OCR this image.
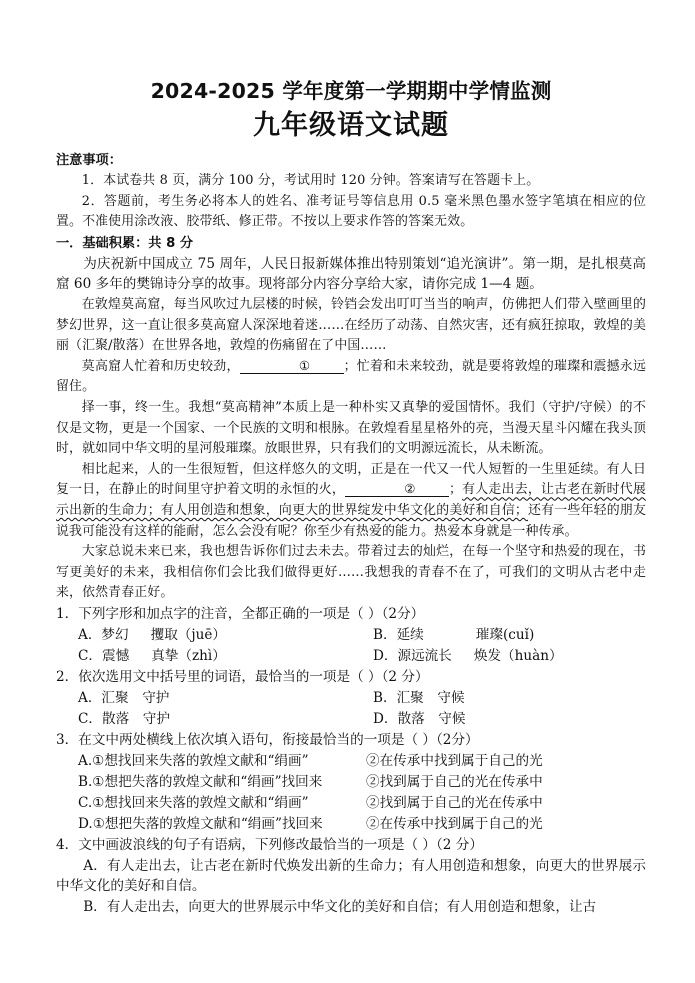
2024-2025 学年度第一学期期中学情监测
九年级语文试题
注意事项：

1．本试卷共 8 页，满分 100 分，考试用时 120 分钟。答案请写在答题卡上。

2．答题前，考生务必将本人的姓名、准考证号等信息用 0.5 毫米黑色墨水签字笔填在相应的位置。不准使用涂改液、胶带纸、修正带。不按以上要求作答的答案无效。

一．基础积累：共 8 分

为庆祝新中国成立 75 周年，人民日报新媒体推出特别策划“追光演讲”。第一期，是扎根莫高窟 60 多年的樊锦诗分享的故事。现将部分内容分享给大家，请你完成 1—4 题。

在敦煌莫高窟，每当风吹过九层楼的时候，铃铛会发出叮叮当当的响声，仿佛把人们带入壁画里的梦幻世界，这一直让很多莫高窟人深深地着迷……在经历了动荡、自然灾害，还有疯狂掠取，敦煌的美丽（汇聚/散落）在世界各地，敦煌的伤痛留在了中国……

莫高窟人忙着和历史较劲，	①	；忙着和未来较劲，就是要将敦煌的璀璨和震撼永远留住。

择一事，终一生。我想“莫高精神”本质上是一种朴实又真挚的爱国情怀。我们（守护/守候）的不仅是文物，更是一个国家、一个民族的文明和根脉。在敦煌看星星格外的亮，当漫天星斗闪耀在我头顶时，就如同中华文明的星河般璀璨。放眼世界，只有我们的文明源远流长，从未断流。

相比起来，人的一生很短暂，但这样悠久的文明，正是在一代又一代人短暂的一生里延续。有人日复一日，在静止的时间里守护着文明的永恒的火，	②	；有人走出去，让古老在新时代展示出新的生命力；有人用创造和想象，向更大的世界绽发中华文化的美好和自信；还有一些年轻的朋友说我可能没有这样的能耐，怎么会没有呢？你至少有热爱的能力。热爱本身就是一种传承。

大家总说未来已来，我也想告诉你们过去未去。带着过去的灿烂，在每一个坚守和热爱的现在，书写更美好的未来，我相信你们会比我们做得更好……我想我的青春不在了，可我们的文明从古老中走来，依然青春正好。

1．下列字形和加点字的注音，全都正确的一项是（ ）（2分）

A．梦幻 攫取（juē）	B．延续	璀璨(cuǐ)
C．震憾 真挚（zhì）	D．源远流长 焕发（huàn）

2．依次选用文中括号里的词语，最恰当的一项是（ ）（2 分）

A．汇聚　守护	B．汇聚　守候
C．散落　守护	D．散落　守候

3．在文中两处横线上依次填入语句，衔接最恰当的一项是（ ）（2分）

A.①想找回来失落的敦煌文献和“绢画”	②在传承中找到属于自己的光
B.①想把失落的敦煌文献和“绢画”找回来	②找到属于自己的光在传承中
C.①想找回来失落的敦煌文献和“绢画”	②找到属于自己的光在传承中
D.①想把失落的敦煌文献和“绢画”找回来	②在传承中找到属于自己的光

4．文中画波浪线的句子有语病，下列修改最恰当的一项是（ ）（2 分）

A．有人走出去，让古老在新时代焕发出新的生命力；有人用创造和想象，向更大的世界展示中华文化的美好和自信。

B．有人走出去，向更大的世界展示中华文化的美好和自信；有人用创造和想象，让古
